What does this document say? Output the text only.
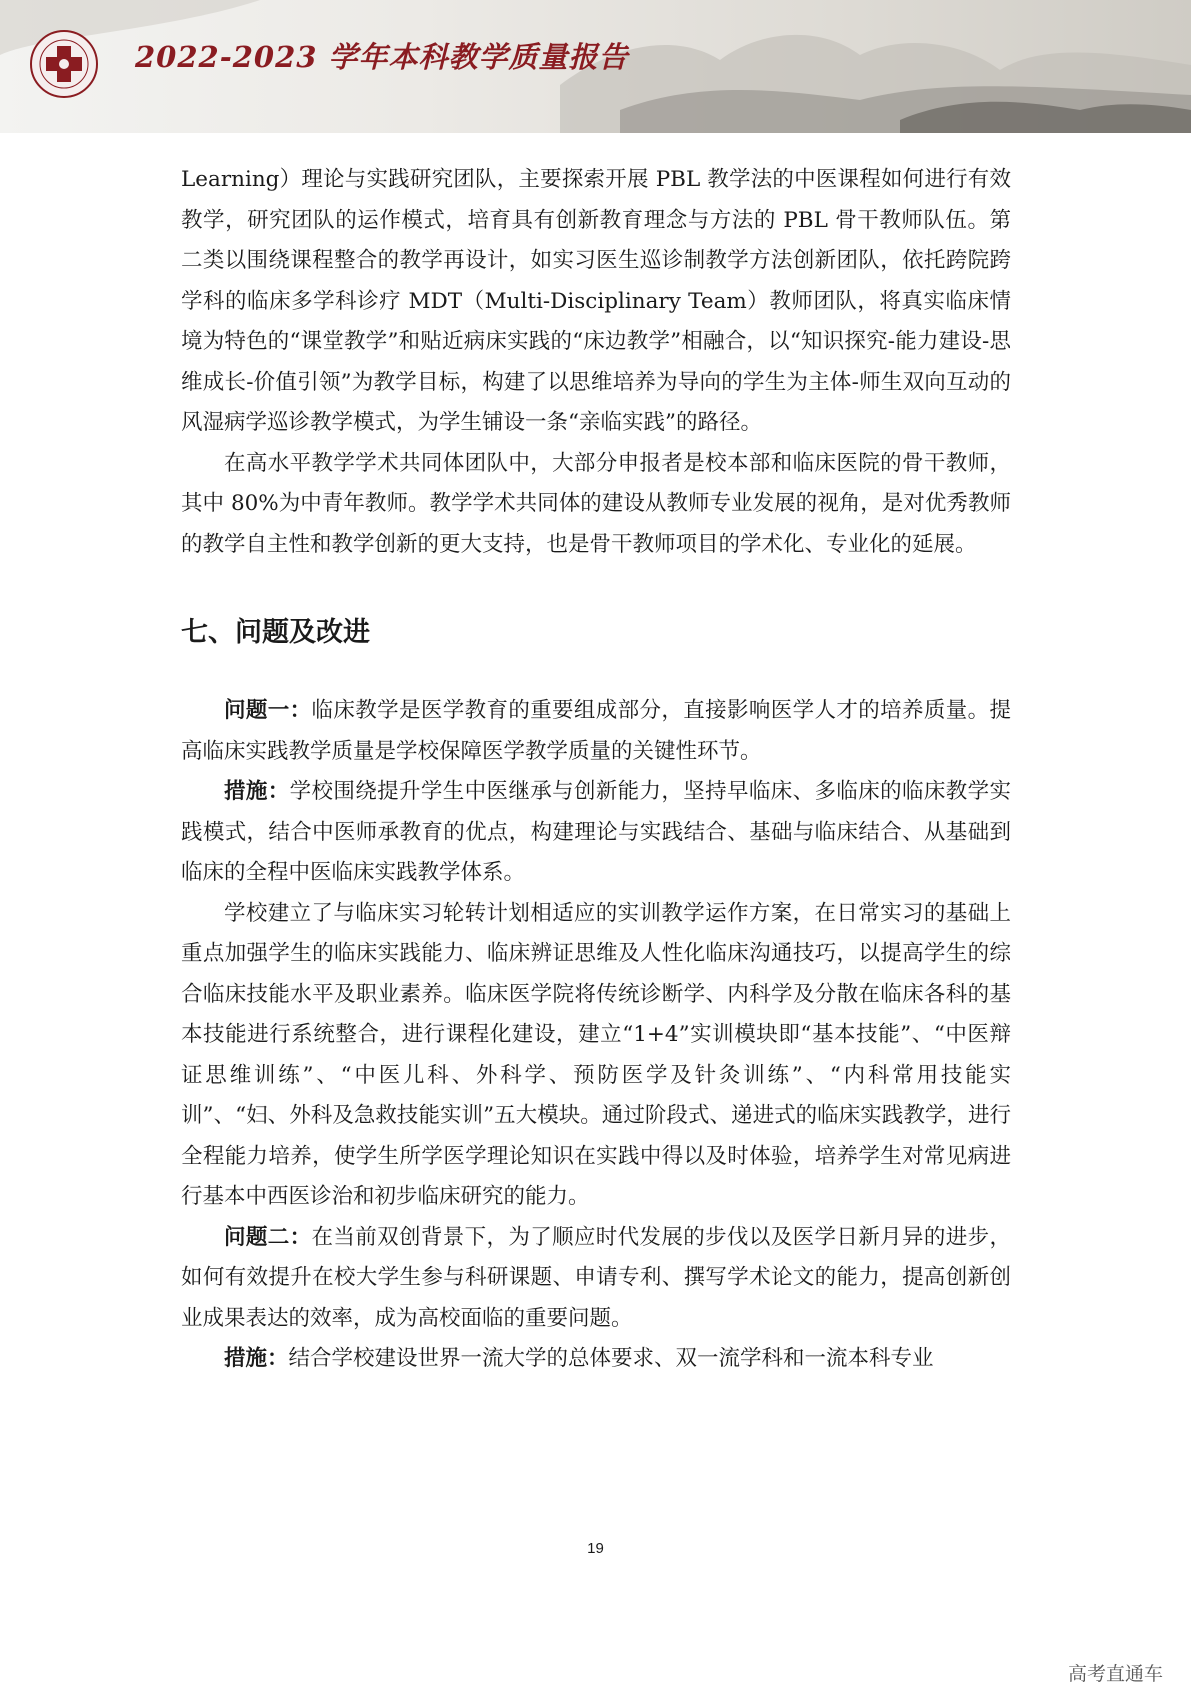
2022-2023 学年本科教学质量报告

Learning）理论与实践研究团队，主要探索开展 PBL 教学法的中医课程如何进行有效教学，研究团队的运作模式，培育具有创新教育理念与方法的 PBL 骨干教师队伍。第二类以围绕课程整合的教学再设计，如实习医生巡诊制教学方法创新团队，依托跨院跨学科的临床多学科诊疗 MDT（Multi-Disciplinary Team）教师团队，将真实临床情境为特色的“课堂教学”和贴近病床实践的“床边教学”相融合，以“知识探究-能力建设-思维成长-价值引领”为教学目标，构建了以思维培养为导向的学生为主体-师生双向互动的风湿病学巡诊教学模式，为学生铺设一条“亲临实践”的路径。

在高水平教学学术共同体团队中，大部分申报者是校本部和临床医院的骨干教师，其中 80%为中青年教师。教学学术共同体的建设从教师专业发展的视角，是对优秀教师的教学自主性和教学创新的更大支持，也是骨干教师项目的学术化、专业化的延展。

七、问题及改进

问题一：临床教学是医学教育的重要组成部分，直接影响医学人才的培养质量。提高临床实践教学质量是学校保障医学教学质量的关键性环节。

措施：学校围绕提升学生中医继承与创新能力，坚持早临床、多临床的临床教学实践模式，结合中医师承教育的优点，构建理论与实践结合、基础与临床结合、从基础到临床的全程中医临床实践教学体系。

学校建立了与临床实习轮转计划相适应的实训教学运作方案，在日常实习的基础上重点加强学生的临床实践能力、临床辨证思维及人性化临床沟通技巧，以提高学生的综合临床技能水平及职业素养。临床医学院将传统诊断学、内科学及分散在临床各科的基本技能进行系统整合，进行课程化建设，建立“1+4”实训模块即“基本技能”、“中医辩证思维训练”、“中医儿科、外科学、预防医学及针灸训练”、“内科常用技能实训”、“妇、外科及急救技能实训”五大模块。通过阶段式、递进式的临床实践教学，进行全程能力培养，使学生所学医学理论知识在实践中得以及时体验，培养学生对常见病进行基本中西医诊治和初步临床研究的能力。

问题二：在当前双创背景下，为了顺应时代发展的步伐以及医学日新月异的进步，如何有效提升在校大学生参与科研课题、申请专利、撰写学术论文的能力，提高创新创业成果表达的效率，成为高校面临的重要问题。

措施：结合学校建设世界一流大学的总体要求、双一流学科和一流本科专业

19
高考直通车
